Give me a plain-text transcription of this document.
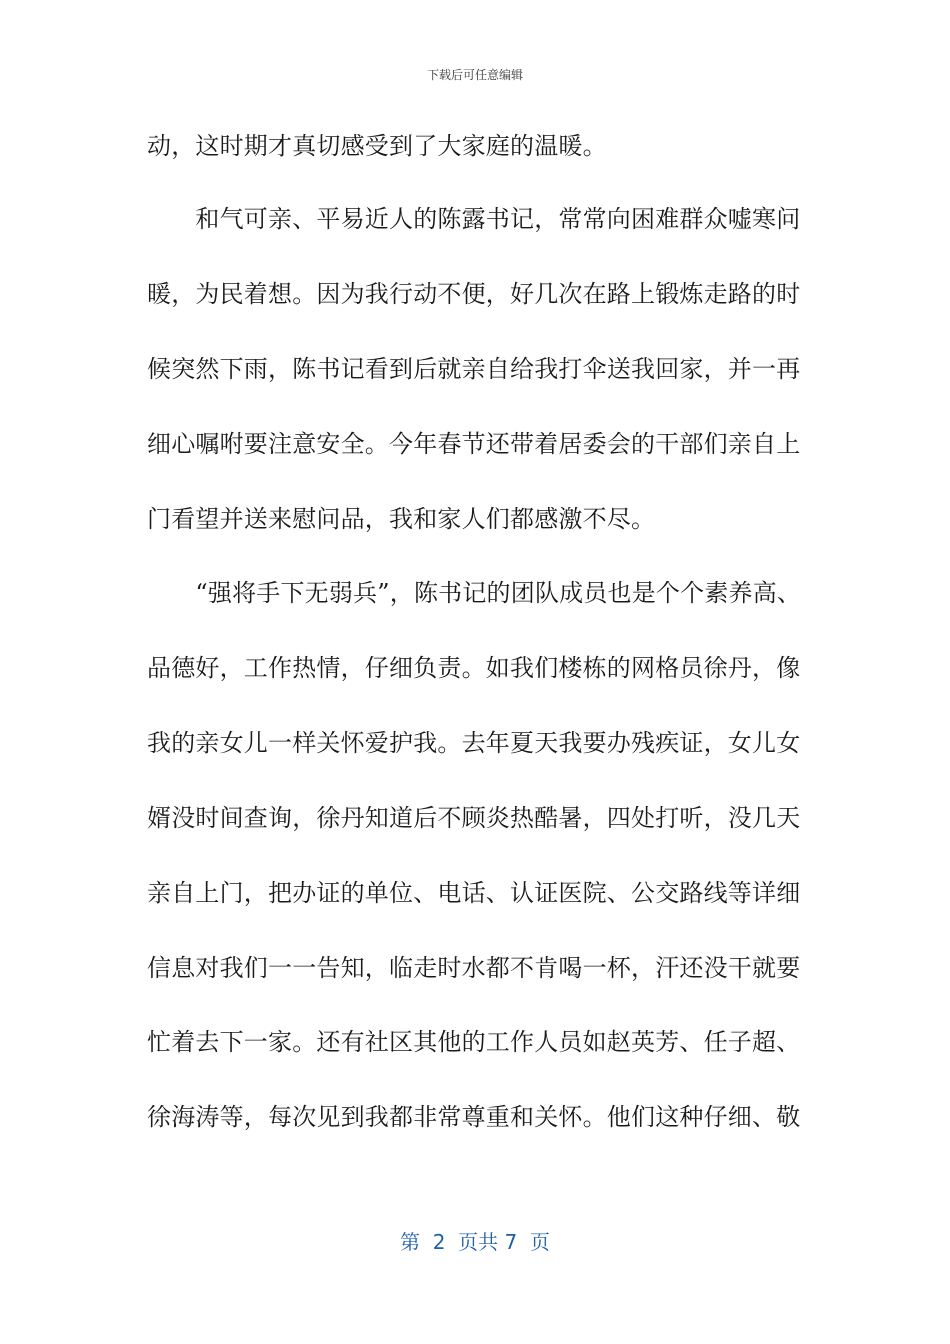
下载后可任意编辑
动，这时期才真切感受到了大家庭的温暖。
　　和气可亲、平易近人的陈露书记，常常向困难群众嘘寒问
暖，为民着想。因为我行动不便，好几次在路上锻炼走路的时
候突然下雨，陈书记看到后就亲自给我打伞送我回家，并一再
细心嘱咐要注意安全。今年春节还带着居委会的干部们亲自上
门看望并送来慰问品，我和家人们都感激不尽。
　　“强将手下无弱兵”，陈书记的团队成员也是个个素养高、
品德好，工作热情，仔细负责。如我们楼栋的网格员徐丹，像
我的亲女儿一样关怀爱护我。去年夏天我要办残疾证，女儿女
婿没时间查询，徐丹知道后不顾炎热酷暑，四处打听，没几天
亲自上门，把办证的单位、电话、认证医院、公交路线等详细
信息对我们一一告知，临走时水都不肯喝一杯，汗还没干就要
忙着去下一家。还有社区其他的工作人员如赵英芳、任子超、
徐海涛等，每次见到我都非常尊重和关怀。他们这种仔细、敬
第  2  页共 7  页
